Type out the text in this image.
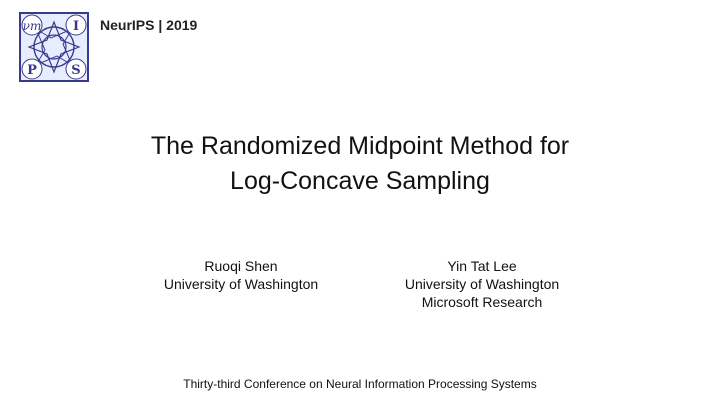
νт I
P	S
NeurIPS | 2019
The Randomized Midpoint Method for
Log-Concave Sampling
Ruoqi Shen
University of Washington
Yin Tat Lee
University of Washington
Microsoft Research
Thirty-third Conference on Neural Information Processing Systems
